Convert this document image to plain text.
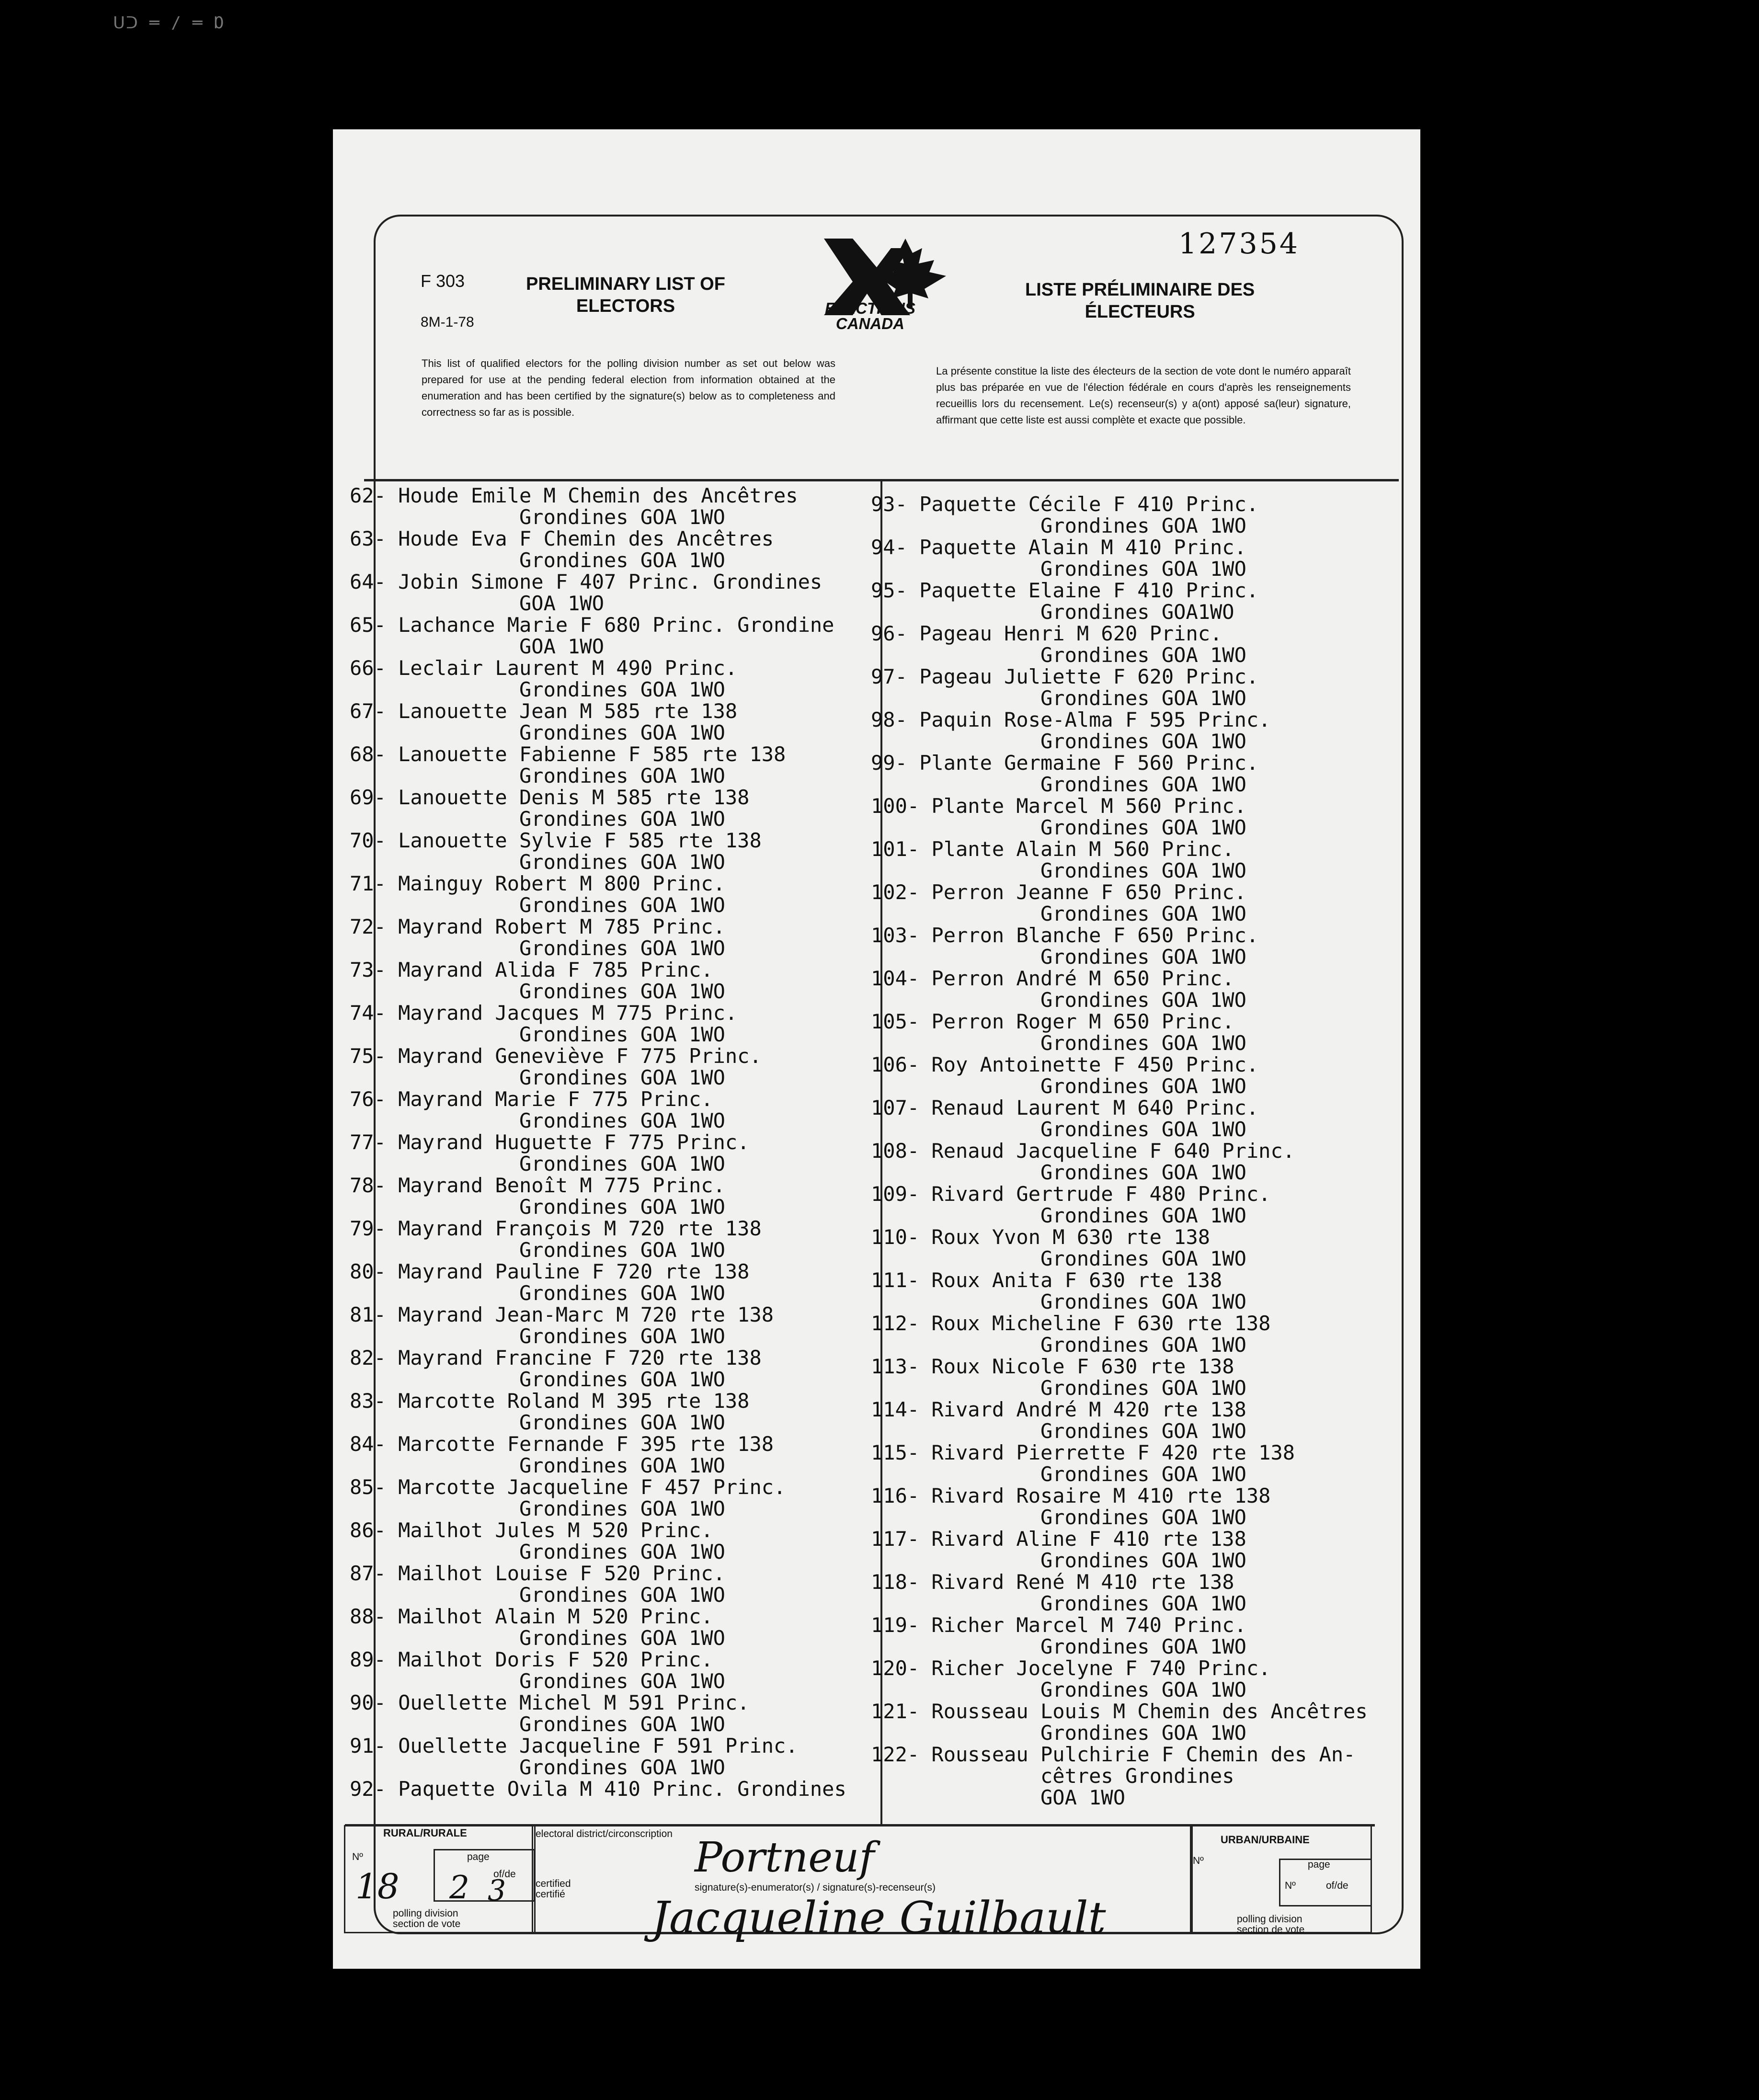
ᑌᑐ ═ / ═ Ɒ
F 303
8M-1-78
PRELIMINARY LIST OF
ELECTORS
LISTE PRÉLIMINAIRE DES
ÉLECTEURS
127354
ELECTIONS
CANADA
This list of qualified electors for the polling division number as set out below was prepared for use at the pending federal election from information obtained at the enumeration and has been certified by the signature(s) below as to completeness and correctness so far as is possible.
La présente constitue la liste des électeurs de la section de vote dont le numéro apparaît plus bas préparée en vue de l'élection fédérale en cours d'après les renseignements recueillis lors du recensement. Le(s) recenseur(s) y a(ont) apposé sa(leur) signature, affirmant que cette liste est aussi complète et exacte que possible.
62- Houde Emile M Chemin des Ancêtres
Grondines GOA 1WO
63- Houde Eva F Chemin des Ancêtres
Grondines GOA 1WO
64- Jobin Simone F 407 Princ. Grondines
GOA 1WO
65- Lachance Marie F 680 Princ. Grondine
GOA 1WO
66- Leclair Laurent M 490 Princ.
Grondines GOA 1WO
67- Lanouette Jean M 585 rte 138
Grondines GOA 1WO
68- Lanouette Fabienne F 585 rte 138
Grondines GOA 1WO
69- Lanouette Denis M 585 rte 138
Grondines GOA 1WO
70- Lanouette Sylvie F 585 rte 138
Grondines GOA 1WO
71- Mainguy Robert M 800 Princ.
Grondines GOA 1WO
72- Mayrand Robert M 785 Princ.
Grondines GOA 1WO
73- Mayrand Alida F 785 Princ.
Grondines GOA 1WO
74- Mayrand Jacques M 775 Princ.
Grondines GOA 1WO
75- Mayrand Geneviève F 775 Princ.
Grondines GOA 1WO
76- Mayrand Marie F 775 Princ.
Grondines GOA 1WO
77- Mayrand Huguette F 775 Princ.
Grondines GOA 1WO
78- Mayrand Benoît M 775 Princ.
Grondines GOA 1WO
79- Mayrand François M 720 rte 138
Grondines GOA 1WO
80- Mayrand Pauline F 720 rte 138
Grondines GOA 1WO
81- Mayrand Jean-Marc M 720 rte 138
Grondines GOA 1WO
82- Mayrand Francine F 720 rte 138
Grondines GOA 1WO
83- Marcotte Roland M 395 rte 138
Grondines GOA 1WO
84- Marcotte Fernande F 395 rte 138
Grondines GOA 1WO
85- Marcotte Jacqueline F 457 Princ.
Grondines GOA 1WO
86- Mailhot Jules M 520 Princ.
Grondines GOA 1WO
87- Mailhot Louise F 520 Princ.
Grondines GOA 1WO
88- Mailhot Alain M 520 Princ.
Grondines GOA 1WO
89- Mailhot Doris F 520 Princ.
Grondines GOA 1WO
90- Ouellette Michel M 591 Princ.
Grondines GOA 1WO
91- Ouellette Jacqueline F 591 Princ.
Grondines GOA 1WO
92- Paquette Ovila M 410 Princ. Grondines
93- Paquette Cécile F 410 Princ.
Grondines GOA 1WO
94- Paquette Alain M 410 Princ.
Grondines GOA 1WO
95- Paquette Elaine F 410 Princ.
Grondines GOA1WO
96- Pageau Henri M 620 Princ.
Grondines GOA 1WO
97- Pageau Juliette F 620 Princ.
Grondines GOA 1WO
98- Paquin Rose-Alma F 595 Princ.
Grondines GOA 1WO
99- Plante Germaine F 560 Princ.
Grondines GOA 1WO
100- Plante Marcel M 560 Princ.
Grondines GOA 1WO
101- Plante Alain M 560 Princ.
Grondines GOA 1WO
102- Perron Jeanne F 650 Princ.
Grondines GOA 1WO
103- Perron Blanche F 650 Princ.
Grondines GOA 1WO
104- Perron André M 650 Princ.
Grondines GOA 1WO
105- Perron Roger M 650 Princ.
Grondines GOA 1WO
106- Roy Antoinette F 450 Princ.
Grondines GOA 1WO
107- Renaud Laurent M 640 Princ.
Grondines GOA 1WO
108- Renaud Jacqueline F 640 Princ.
Grondines GOA 1WO
109- Rivard Gertrude F 480 Princ.
Grondines GOA 1WO
110- Roux Yvon M 630 rte 138
Grondines GOA 1WO
111- Roux Anita F 630 rte 138
Grondines GOA 1WO
112- Roux Micheline F 630 rte 138
Grondines GOA 1WO
113- Roux Nicole F 630 rte 138
Grondines GOA 1WO
114- Rivard André M 420 rte 138
Grondines GOA 1WO
115- Rivard Pierrette F 420 rte 138
Grondines GOA 1WO
116- Rivard Rosaire M 410 rte 138
Grondines GOA 1WO
117- Rivard Aline F 410 rte 138
Grondines GOA 1WO
118- Rivard René M 410 rte 138
Grondines GOA 1WO
119- Richer Marcel M 740 Princ.
Grondines GOA 1WO
120- Richer Jocelyne F 740 Princ.
Grondines GOA 1WO
121- Rousseau Louis M Chemin des Ancêtres
Grondines GOA 1WO
122- Rousseau Pulchirie F Chemin des An-
cêtres Grondines
GOA 1WO
RURAL/RURALE
Nº	page
of/de
polling division
section de vote
18 2 3
electoral district/circonscription
certified
certifié
signature(s)-enumerator(s) / signature(s)-recenseur(s)
Portneuf
Jacqueline Guilbault
URBAN/URBAINE
Nº	page
Nº	of/de
polling division
section de vote
